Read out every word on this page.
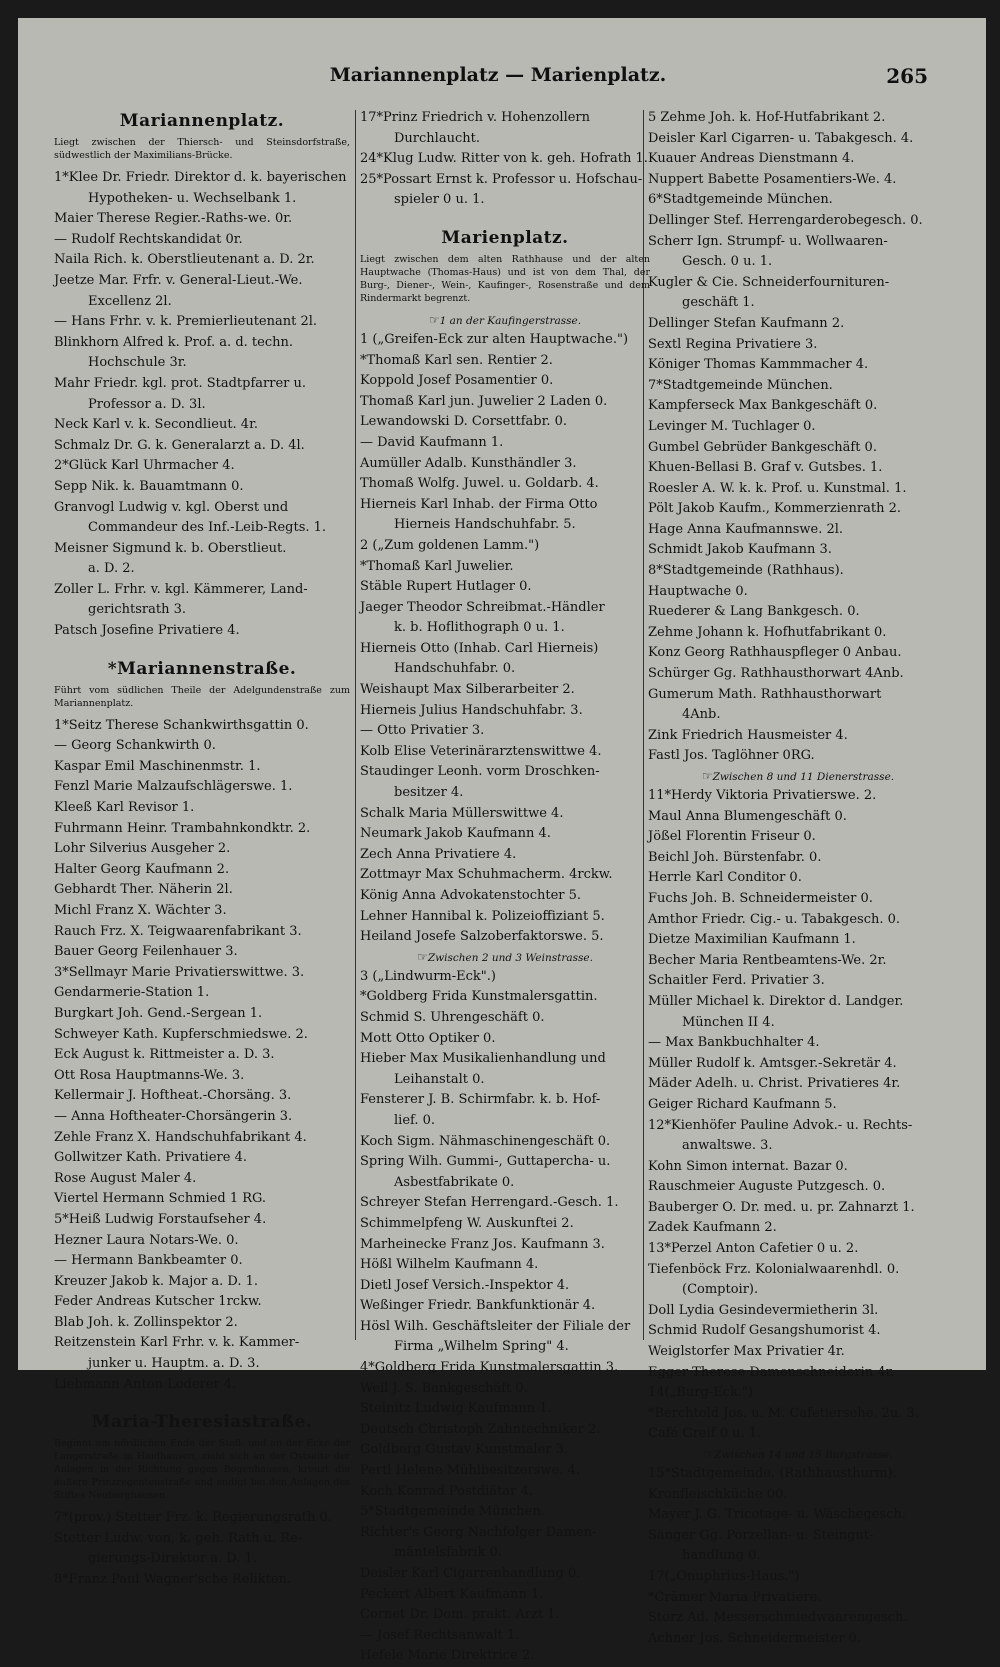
Mariannenplatz — Marienplatz.	265
Mariannenplatz.
Liegt zwischen der Thiersch- und Steinsdorfstraße, südwestlich der Maximilians-Brücke.
1*Klee Dr. Friedr. Direktor d. k. bayerischen
Hypotheken- u. Wechselbank 1.
Maier Therese Regier.-Raths-we. 0r.
— Rudolf Rechtskandidat 0r.
Naila Rich. k. Oberstlieutenant a. D. 2r.
Jeetze Mar. Frfr. v. General-Lieut.-We.
Excellenz 2l.
— Hans Frhr. v. k. Premierlieutenant 2l.
Blinkhorn Alfred k. Prof. a. d. techn.
Hochschule 3r.
Mahr Friedr. kgl. prot. Stadtpfarrer u.
Professor a. D. 3l.
Neck Karl v. k. Secondlieut. 4r.
Schmalz Dr. G. k. Generalarzt a. D. 4l.
2*Glück Karl Uhrmacher 4.
Sepp Nik. k. Bauamtmann 0.
Granvogl Ludwig v. kgl. Oberst und
Commandeur des Inf.-Leib-Regts. 1.
Meisner Sigmund k. b. Oberstlieut.
a. D. 2.
Zoller L. Frhr. v. kgl. Kämmerer, Land-
gerichtsrath 3.
Patsch Josefine Privatiere 4.
*Mariannenstraße.
Führt vom südlichen Theile der Adelgundenstraße zum Mariannenplatz.
1*Seitz Therese Schankwirthsgattin 0.
— Georg Schankwirth 0.
Kaspar Emil Maschinenmstr. 1.
Fenzl Marie Malzaufschlägerswe. 1.
Kleeß Karl Revisor 1.
Fuhrmann Heinr. Trambahnkondktr. 2.
Lohr Silverius Ausgeher 2.
Halter Georg Kaufmann 2.
Gebhardt Ther. Näherin 2l.
Michl Franz X. Wächter 3.
Rauch Frz. X. Teigwaarenfabrikant 3.
Bauer Georg Feilenhauer 3.
3*Sellmayr Marie Privatierswittwe. 3.
Gendarmerie-Station 1.
Burgkart Joh. Gend.-Sergean 1.
Schweyer Kath. Kupferschmiedswe. 2.
Eck August k. Rittmeister a. D. 3.
Ott Rosa Hauptmanns-We. 3.
Kellermair J. Hoftheat.-Chorsäng. 3.
— Anna Hoftheater-Chorsängerin 3.
Zehle Franz X. Handschuhfabrikant 4.
Gollwitzer Kath. Privatiere 4.
Rose August Maler 4.
Viertel Hermann Schmied 1 RG.
5*Heiß Ludwig Forstaufseher 4.
Hezner Laura Notars-We. 0.
— Hermann Bankbeamter 0.
Kreuzer Jakob k. Major a. D. 1.
Feder Andreas Kutscher 1rckw.
Blab Joh. k. Zollinspektor 2.
Reitzenstein Karl Frhr. v. k. Kammer-
junker u. Hauptm. a. D. 3.
Liebmann Anton Loderer 4.
Maria-Theresiastraße.
Beginnt am nördlichen Ende der Stoll- und an der Ecke der Langerstraße in Haidhausen, zieht sich an der Ostseite der Anlagen in der Richtung gegen Bogenhausen, kreuzt die äußere Prinzregentenstraße und endigt bei den Anlagen des Stiftes Neuberghausen.
7*(prov.) Stetter Frz. k. Regierungsrath 0.
Stetter Ludw. von, k. geh. Rath u. Re-
gierungs-Direktor a. D. 1.
8*Franz Paul Wagner'sche Relikten.
17*Prinz Friedrich v. Hohenzollern
Durchlaucht.
24*Klug Ludw. Ritter von k. geh. Hofrath 1.
25*Possart Ernst k. Professor u. Hofschau-
spieler 0 u. 1.
Marienplatz.
Liegt zwischen dem alten Rathhause und der alten Hauptwache (Thomas-Haus) und ist von dem Thal, der Burg-, Diener-, Wein-, Kaufinger-, Rosenstraße und dem Rindermarkt begrenzt.
☞ 1 an der Kaufingerstrasse.
1 („Greifen-Eck zur alten Hauptwache.")
*Thomaß Karl sen. Rentier 2.
Koppold Josef Posamentier 0.
Thomaß Karl jun. Juwelier 2 Laden 0.
Lewandowski D. Corsettfabr. 0.
— David Kaufmann 1.
Aumüller Adalb. Kunsthändler 3.
Thomaß Wolfg. Juwel. u. Goldarb. 4.
Hierneis Karl Inhab. der Firma Otto
Hierneis Handschuhfabr. 5.
2 („Zum goldenen Lamm.")
*Thomaß Karl Juwelier.
Stäble Rupert Hutlager 0.
Jaeger Theodor Schreibmat.-Händler
k. b. Hoflithograph 0 u. 1.
Hierneis Otto (Inhab. Carl Hierneis)
Handschuhfabr. 0.
Weishaupt Max Silberarbeiter 2.
Hierneis Julius Handschuhfabr. 3.
— Otto Privatier 3.
Kolb Elise Veterinärarztenswittwe 4.
Staudinger Leonh. vorm Droschken-
besitzer 4.
Schalk Maria Müllerswittwe 4.
Neumark Jakob Kaufmann 4.
Zech Anna Privatiere 4.
Zottmayr Max Schuhmacherm. 4rckw.
König Anna Advokatenstochter 5.
Lehner Hannibal k. Polizeioffiziant 5.
Heiland Josefe Salzoberfaktorswe. 5.
☞ Zwischen 2 und 3 Weinstrasse.
3 („Lindwurm-Eck".)
*Goldberg Frida Kunstmalersgattin.
Schmid S. Uhrengeschäft 0.
Mott Otto Optiker 0.
Hieber Max Musikalienhandlung und
Leihanstalt 0.
Fensterer J. B. Schirmfabr. k. b. Hof-
lief. 0.
Koch Sigm. Nähmaschinengeschäft 0.
Spring Wilh. Gummi-, Guttapercha- u.
Asbestfabrikate 0.
Schreyer Stefan Herrengard.-Gesch. 1.
Schimmelpfeng W. Auskunftei 2.
Marheinecke Franz Jos. Kaufmann 3.
Hößl Wilhelm Kaufmann 4.
Dietl Josef Versich.-Inspektor 4.
Weßinger Friedr. Bankfunktionär 4.
Hösl Wilh. Geschäftsleiter der Filiale der
Firma „Wilhelm Spring" 4.
4*Goldberg Frida Kunstmalersgattin 3.
Weil J. S. Bankgeschäft 0.
Steinitz Ludwig Kaufmann 1.
Deutsch Christoph Zahntechniker 2.
Goldberg Gustav Kunstmaler 3.
Pertl Helene Mühlbesitzerswe. 4.
Koch Konrad Postdiätar 4.
5*Stadtgemeinde München.
Richter's Georg Nachfolger Damen-
mäntelsfabrik 0.
Deisler Karl Cigarrenhandlung 0.
Peckert Albert Kaufmann 1.
Cornet Dr. Dom. prakt. Arzt 1.
— Josef Rechtsanwalt 1.
Hefele Marie Direktrice 2.
5 Zehme Joh. k. Hof-Hutfabrikant 2.
Deisler Karl Cigarren- u. Tabakgesch. 4.
Kuauer Andreas Dienstmann 4.
Nuppert Babette Posamentiers-We. 4.
6*Stadtgemeinde München.
Dellinger Stef. Herrengarderobegesch. 0.
Scherr Ign. Strumpf- u. Wollwaaren-
Gesch. 0 u. 1.
Kugler & Cie. Schneiderfournituren-
geschäft 1.
Dellinger Stefan Kaufmann 2.
Sextl Regina Privatiere 3.
Königer Thomas Kammmacher 4.
7*Stadtgemeinde München.
Kampferseck Max Bankgeschäft 0.
Levinger M. Tuchlager 0.
Gumbel Gebrüder Bankgeschäft 0.
Khuen-Bellasi B. Graf v. Gutsbes. 1.
Roesler A. W. k. k. Prof. u. Kunstmal. 1.
Pölt Jakob Kaufm., Kommerzienrath 2.
Hage Anna Kaufmannswe. 2l.
Schmidt Jakob Kaufmann 3.
8*Stadtgemeinde (Rathhaus).
Hauptwache 0.
Ruederer & Lang Bankgesch. 0.
Zehme Johann k. Hofhutfabrikant 0.
Konz Georg Rathhauspfleger 0 Anbau.
Schürger Gg. Rathhausthorwart 4Anb.
Gumerum Math. Rathhausthorwart
4Anb.
Zink Friedrich Hausmeister 4.
Fastl Jos. Taglöhner 0RG.
☞ Zwischen 8 und 11 Dienerstrasse.
11*Herdy Viktoria Privatierswe. 2.
Maul Anna Blumengeschäft 0.
Jößel Florentin Friseur 0.
Beichl Joh. Bürstenfabr. 0.
Herrle Karl Conditor 0.
Fuchs Joh. B. Schneidermeister 0.
Amthor Friedr. Cig.- u. Tabakgesch. 0.
Dietze Maximilian Kaufmann 1.
Becher Maria Rentbeamtens-We. 2r.
Schaitler Ferd. Privatier 3.
Müller Michael k. Direktor d. Landger.
München II 4.
— Max Bankbuchhalter 4.
Müller Rudolf k. Amtsger.-Sekretär 4.
Mäder Adelh. u. Christ. Privatieres 4r.
Geiger Richard Kaufmann 5.
12*Kienhöfer Pauline Advok.- u. Rechts-
anwaltswe. 3.
Kohn Simon internat. Bazar 0.
Rauschmeier Auguste Putzgesch. 0.
Bauberger O. Dr. med. u. pr. Zahnarzt 1.
Zadek Kaufmann 2.
13*Perzel Anton Cafetier 0 u. 2.
Tiefenböck Frz. Kolonialwaarenhdl. 0.
(Comptoir).
Doll Lydia Gesindevermietherin 3l.
Schmid Rudolf Gesangshumorist 4.
Weiglstorfer Max Privatier 4r.
Egger Therese Damenschneiderin 4r.
14(„Burg-Eck.")
*Berchtold Jos. u. M. Cafetiersehe. 2u. 3.
Café Greif 0 u. 1.
☞ Zwischen 14 und 15 Burgstrasse.
15*Stadtgemeinde. (Rathhausthurm).
Kronfleischküche 00.
Mayer J. G. Tricotage- u. Wäschegesch.
Sänger Gg. Porzellan- u. Steingut-
handlung 0.
17(„Onuphrius-Haus.")
*Crämer Maria Privatiere.
Storz Ad. Messerschmiedwaarengesch.
Achner Jos. Schneidermeister 0.
